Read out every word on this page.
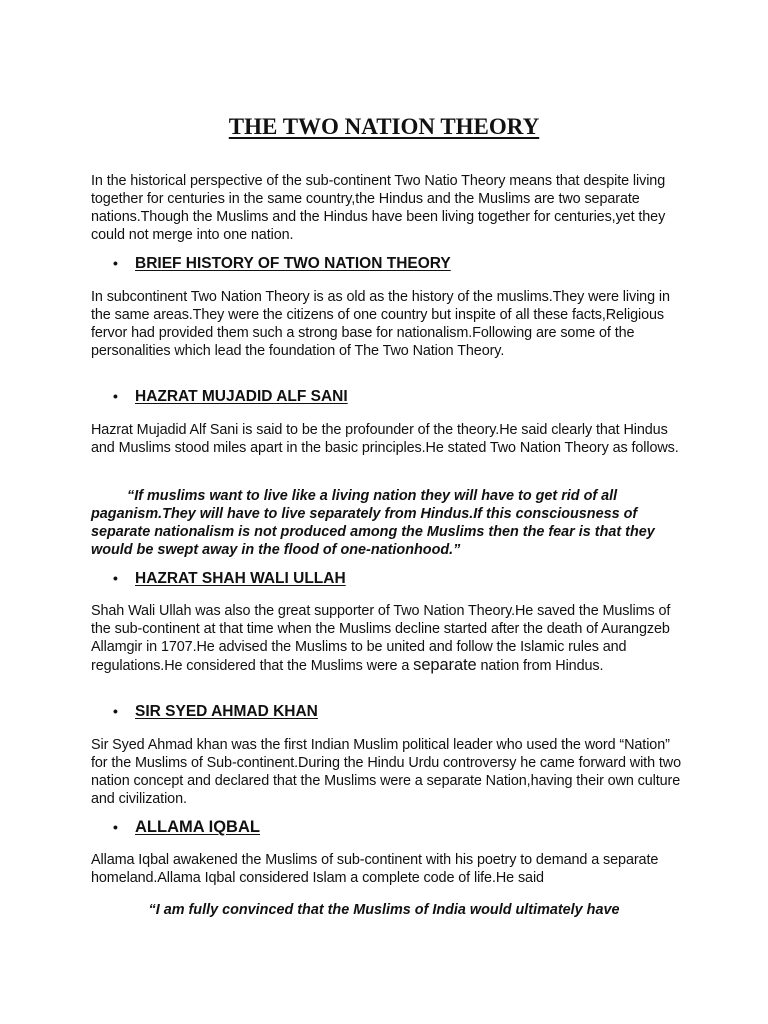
THE TWO NATION THEORY

In the historical perspective of the sub-continent Two Natio Theory means that despite living together for centuries in the same country,the Hindus and the Muslims are two separate nations.Though the Muslims and the Hindus have been living together for centuries,yet they could not merge into one nation.

•	BRIEF HISTORY OF TWO NATION THEORY

In subcontinent Two Nation Theory is as old as the history of the muslims.They were living in the same areas.They were the citizens of one country but inspite of all these facts,Religious fervor had provided them such a strong base for nationalism.Following are some of the personalities which lead the foundation of The Two Nation Theory.

•	HAZRAT MUJADID ALF SANI

Hazrat Mujadid Alf Sani is said to be the profounder of the theory.He said clearly that Hindus and Muslims stood miles apart in the basic principles.He stated Two Nation Theory as follows.

“If muslims want to live like a living nation they will have to get rid of all paganism.They will have to live separately from Hindus.If this consciousness of separate nationalism is not produced among the Muslims then the fear is that they would be swept away in the flood of one-nationhood.”

•	HAZRAT SHAH WALI ULLAH

Shah Wali Ullah was also the great supporter of Two Nation Theory.He saved the Muslims of the sub-continent at that time when the Muslims decline started after the death of Aurangzeb Allamgir in 1707.He advised the Muslims to be united and follow the Islamic rules and regulations.He considered that the Muslims were a separate nation from Hindus.

•	SIR SYED AHMAD KHAN

Sir Syed Ahmad khan was the first Indian Muslim political leader who used the word “Nation” for the Muslims of Sub-continent.During the Hindu Urdu controversy he came forward with two nation concept and declared that the Muslims were a separate Nation,having their own culture and civilization.

•	ALLAMA IQBAL

Allama Iqbal awakened the Muslims of sub-continent with his poetry to demand a separate homeland.Allama Iqbal considered Islam a complete code of life.He said

“I am fully convinced that the Muslims of India would ultimately have
